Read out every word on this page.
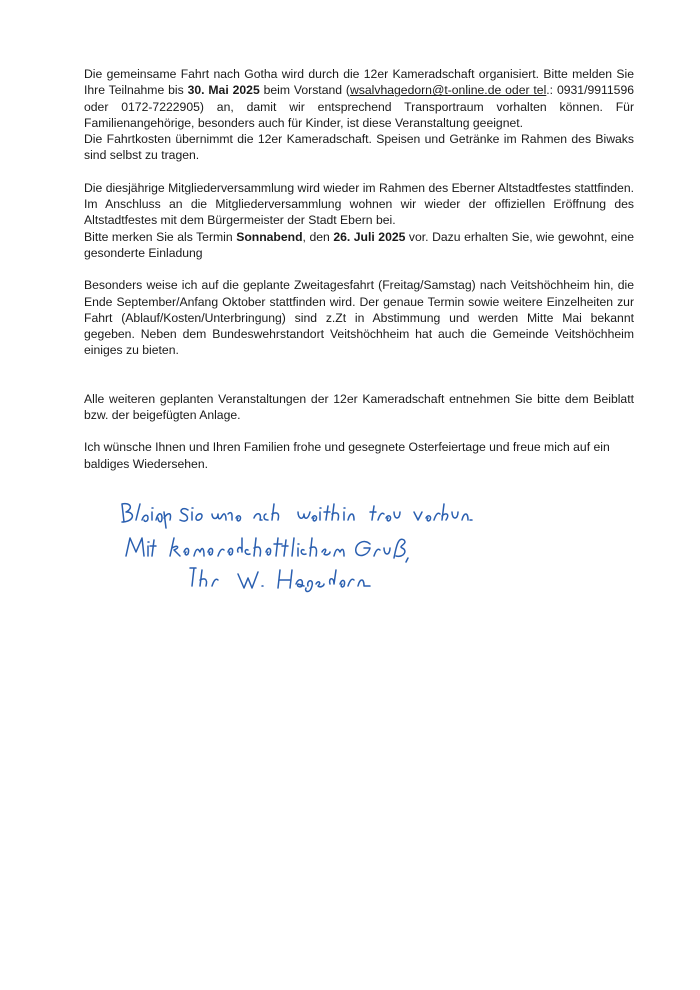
Die gemeinsame Fahrt nach Gotha wird durch die 12er Kameradschaft organisiert. Bitte melden Sie Ihre Teilnahme bis 30. Mai 2025 beim Vorstand (wsalvhagedorn@t-online.de oder tel.: 0931/9911596 oder 0172-7222905) an, damit wir entsprechend Transportraum vorhalten können. Für Familienangehörige, besonders auch für Kinder, ist diese Veranstaltung geeignet.
Die Fahrtkosten übernimmt die 12er Kameradschaft. Speisen und Getränke im Rahmen des Biwaks sind selbst zu tragen.

Die diesjährige Mitgliederversammlung wird wieder im Rahmen des Eberner Altstadtfestes stattfinden. Im Anschluss an die Mitgliederversammlung wohnen wir wieder der offiziellen Eröffnung des Altstadtfestes mit dem Bürgermeister der Stadt Ebern bei.
Bitte merken Sie als Termin Sonnabend, den 26. Juli 2025 vor. Dazu erhalten Sie, wie gewohnt, eine gesonderte Einladung

Besonders weise ich auf die geplante Zweitagesfahrt (Freitag/Samstag) nach Veitshöchheim hin, die Ende September/Anfang Oktober stattfinden wird. Der genaue Termin sowie weitere Einzelheiten zur Fahrt (Ablauf/Kosten/Unterbringung) sind z.Zt in Abstimmung und werden Mitte Mai bekannt gegeben. Neben dem Bundeswehrstandort Veitshöchheim hat auch die Gemeinde Veitshöchheim einiges zu bieten.

Alle weiteren geplanten Veranstaltungen der 12er Kameradschaft entnehmen Sie bitte dem Beiblatt bzw. der beigefügten Anlage.

Ich wünsche Ihnen und Ihren Familien frohe und gesegnete Osterfeiertage und freue mich auf ein baldiges Wiedersehen.
